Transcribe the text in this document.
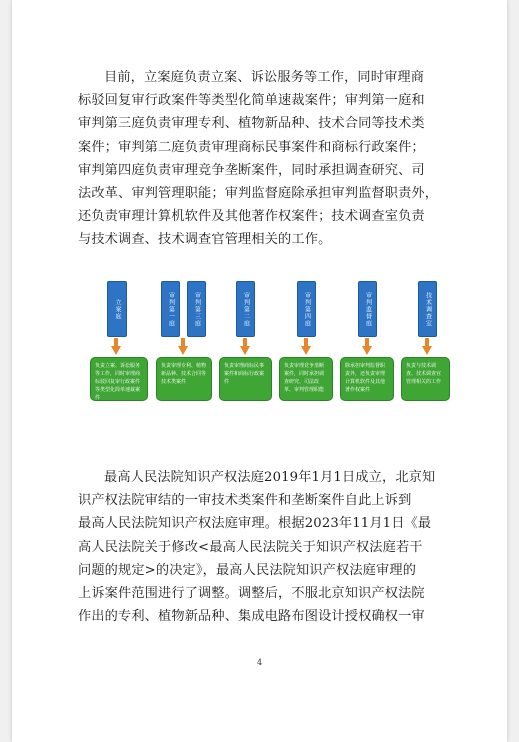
目前，立案庭负责立案、诉讼服务等工作，同时审理商
标驳回复审行政案件等类型化简单速裁案件；审判第一庭和
审判第三庭负责审理专利、植物新品种、技术合同等技术类
案件；审判第二庭负责审理商标民事案件和商标行政案件；
审判第四庭负责审理竞争垄断案件，同时承担调查研究、司
法改革、审判管理职能；审判监督庭除承担审判监督职责外，
还负责审理计算机软件及其他著作权案件；技术调查室负责
与技术调查、技术调查官管理相关的工作。
立案庭	审判第一庭	审判第三庭	审判第二庭	审判第四庭	审判监督庭	技术调查室
负责立案、诉讼服务等工作，同时审理商标驳回复审行政案件等类型化简单速裁案件
负责审理专利、植物新品种、技术合同等技术类案件
负责审理商标民事案件和商标行政案件
负责审理竞争垄断案件，同时承担调查研究、司法改革、审判管理职能
除承担审判监督职责外，还负责审理计算机软件及其他著作权案件
负责与技术调查、技术调查官管理相关的工作
最高人民法院知识产权法庭2019年1月1日成立，北京知
识产权法院审结的一审技术类案件和垄断案件自此上诉到
最高人民法院知识产权法庭审理。根据2023年11月1日《最
高人民法院关于修改<最高人民法院关于知识产权法庭若干
问题的规定>的决定》，最高人民法院知识产权法庭审理的
上诉案件范围进行了调整。调整后，不服北京知识产权法院
作出的专利、植物新品种、集成电路布图设计授权确权一审
4
